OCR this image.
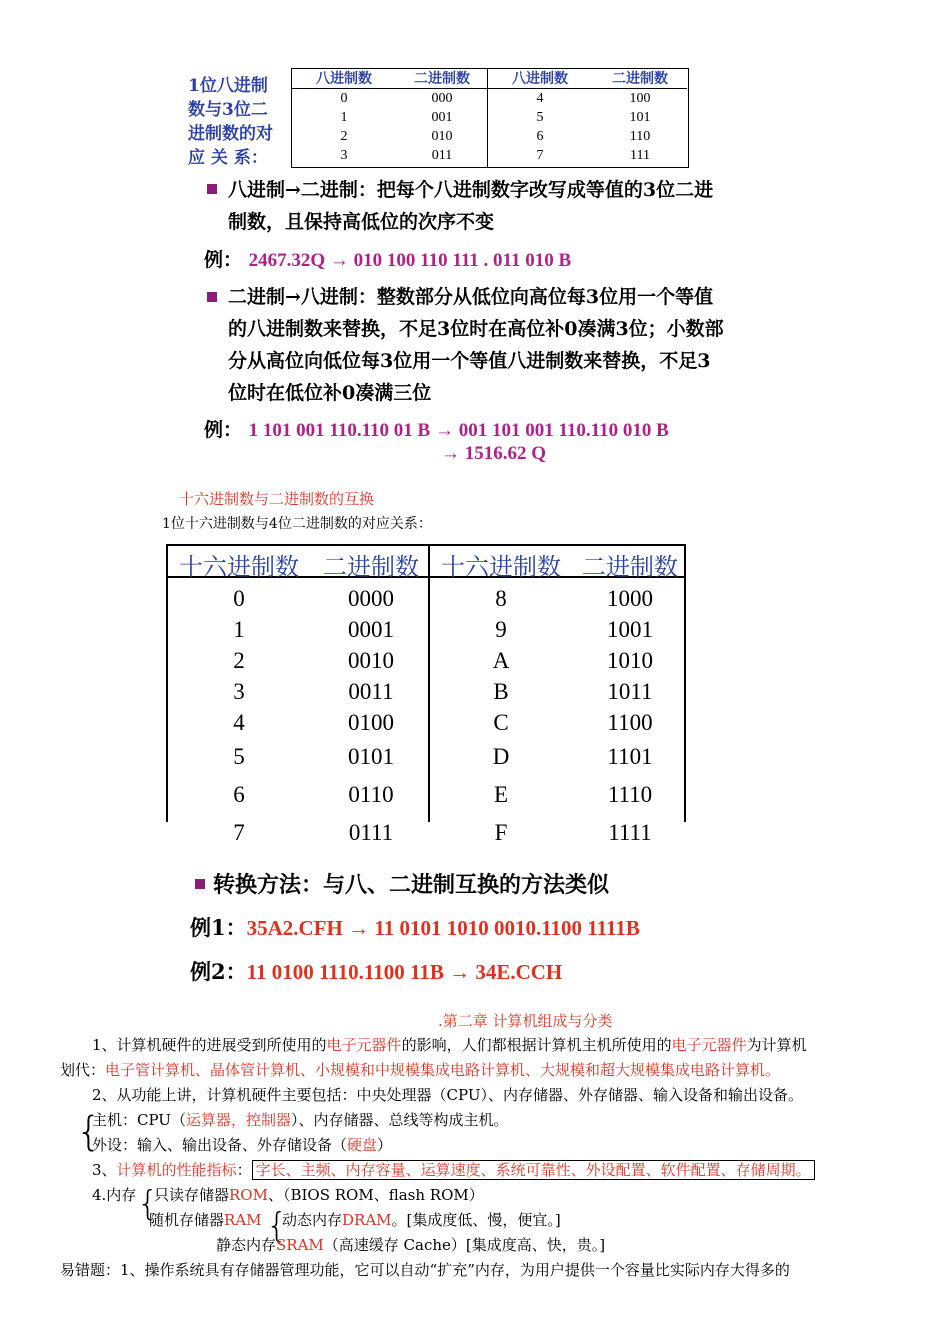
1位八进制
数与3位二
进制数的对
应 关 系：
八进制数	二进制数	八进制数	二进制数
0	000	4	100
1	001	5	101
2	010	6	110
3	011	7	111
八进制→二进制：把每个八进制数字改写成等值的3位二进
制数，且保持高低位的次序不变
例： 2467.32Q → 010 100 110 111 . 011 010 B
二进制→八进制：整数部分从低位向高位每3位用一个等值
的八进制数来替换，不足3位时在高位补0凑满3位；小数部
分从高位向低位每3位用一个等值八进制数来替换，不足3
位时在低位补0凑满三位
例： 1 101 001 110.110 01 B → 001 101 001 110.110 010 B
→ 1516.62 Q
十六进制数与二进制数的互换
1位十六进制数与4位二进制数的对应关系：
十六进制数	二进制数	十六进制数	二进制数
0	0000	8	1000
1	0001	9	1001
2	0010	A	1010
3	0011	B	1011
4	0100	C	1100
5	0101	D	1101
6	0110	E	1110
7	0111	F	1111
转换方法：与八、二进制互换的方法类似
例1：35A2.CFH → 11 0101 1010 0010.1100 1111B
例2：11 0100 1110.1100 11B → 34E.CCH
.第二章 计算机组成与分类
1、计算机硬件的进展受到所使用的电子元器件的影响，人们都根据计算机主机所使用的电子元器件为计算机
划代：电子管计算机、晶体管计算机、小规模和中规模集成电路计算机、大规模和超大规模集成电路计算机。
2、从功能上讲，计算机硬件主要包括：中央处理器（CPU）、内存储器、外存储器、输入设备和输出设备。
{
主机：CPU（运算器，控制器）、内存储器、总线等构成主机。
外设：输入、输出设备、外存储设备（硬盘）
3、计算机的性能指标： 字长、主频、内存容量、运算速度、系统可靠性、外设配置、软件配置、存储周期。
4.内存 {
只读存储器ROM、（BIOS ROM、flash ROM）
随机存储器RAM {
动态内存DRAM。[集成度低、慢，便宜。]
静态内存SRAM（高速缓存 Cache）[集成度高、快，贵。]
易错题：1、操作系统具有存储器管理功能，它可以自动“扩充”内存，为用户提供一个容量比实际内存大得多的
